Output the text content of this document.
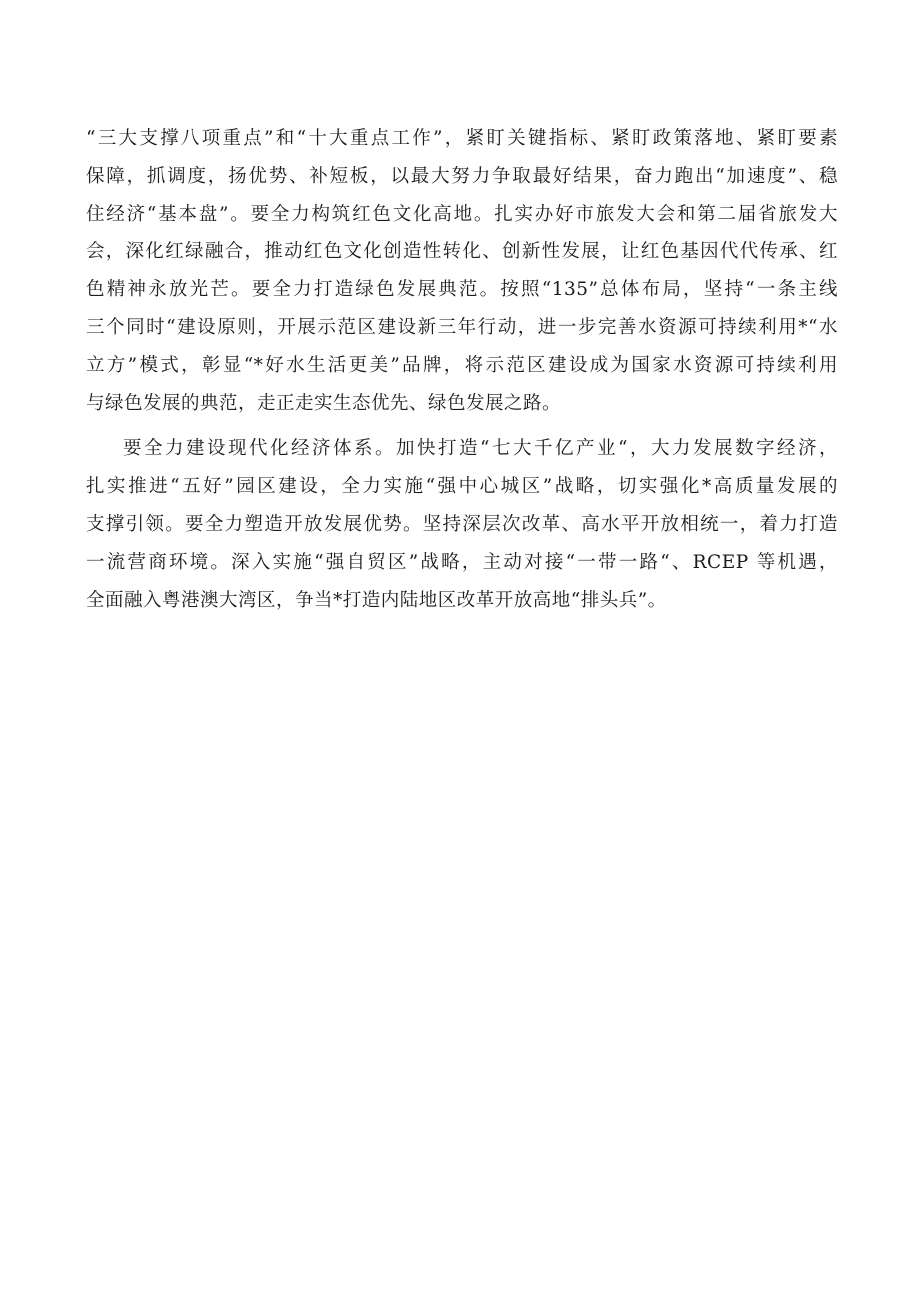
“三大支撑八项重点”和“十大重点工作”，紧盯关键指标、紧盯政策落地、紧盯要素
保障，抓调度，扬优势、补短板，以最大努力争取最好结果，奋力跑出“加速度”、稳
住经济“基本盘”。要全力构筑红色文化高地。扎实办好市旅发大会和第二届省旅发大
会，深化红绿融合，推动红色文化创造性转化、创新性发展，让红色基因代代传承、红
色精神永放光芒。要全力打造绿色发展典范。按照“135”总体布局，坚持“一条主线
三个同时“建设原则，开展示范区建设新三年行动，进一步完善水资源可持续利用*“水
立方”模式，彰显“*好水生活更美”品牌，将示范区建设成为国家水资源可持续利用
与绿色发展的典范，走正走实生态优先、绿色发展之路。

要全力建设现代化经济体系。加快打造“七大千亿产业“，大力发展数字经济，
扎实推进“五好”园区建设，全力实施“强中心城区”战略，切实强化*高质量发展的
支撑引领。要全力塑造开放发展优势。坚持深层次改革、高水平开放相统一，着力打造
一流营商环境。深入实施“强自贸区”战略，主动对接“一带一路“、RCEP 等机遇，
全面融入粤港澳大湾区，争当*打造内陆地区改革开放高地“排头兵”。
